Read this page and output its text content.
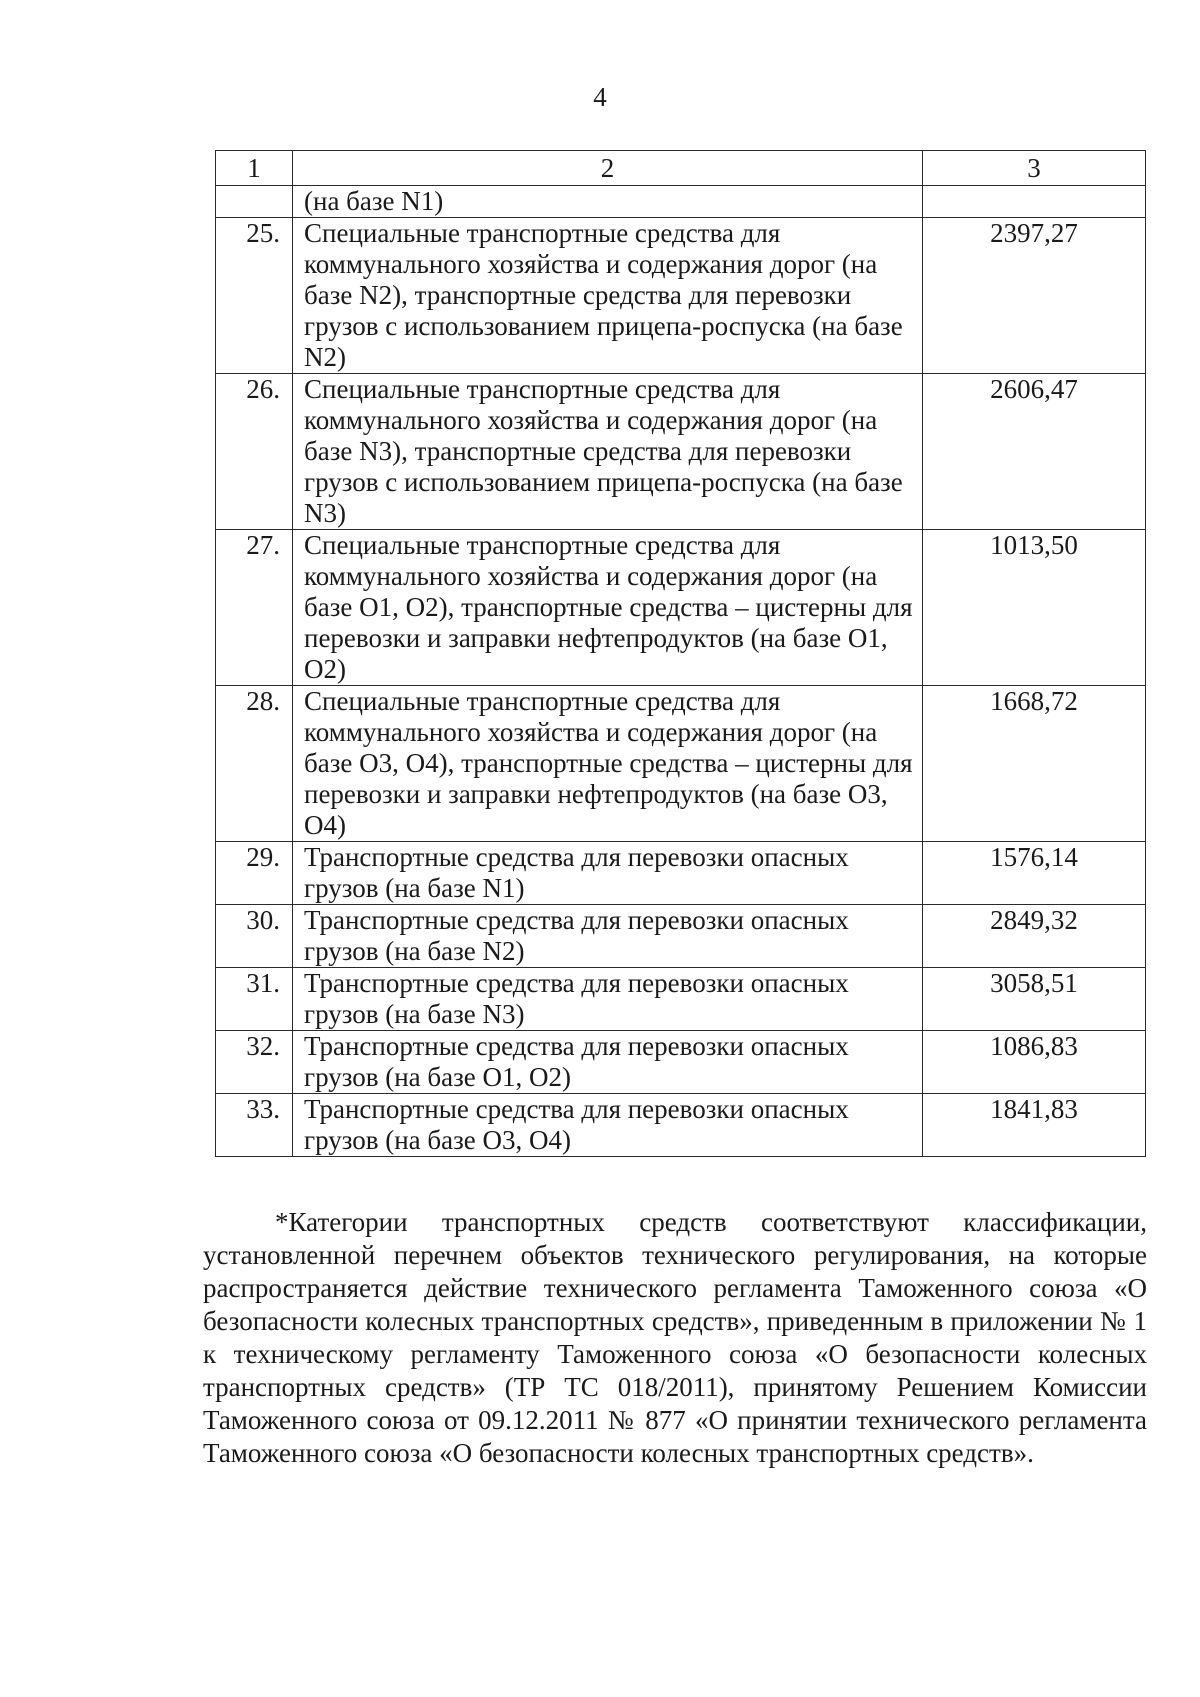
4
1	2	3
	(на базе N1)	
25.	Специальные транспортные средства для коммунального хозяйства и содержания дорог (на базе N2), транспортные средства для перевозки грузов с использованием прицепа-роспуска (на базе N2)	2397,27
26.	Специальные транспортные средства для коммунального хозяйства и содержания дорог (на базе N3), транспортные средства для перевозки грузов с использованием прицепа-роспуска (на базе N3)	2606,47
27.	Специальные транспортные средства для коммунального хозяйства и содержания дорог (на базе О1, О2), транспортные средства – цистерны для перевозки и заправки нефтепродуктов (на базе О1, О2)	1013,50
28.	Специальные транспортные средства для коммунального хозяйства и содержания дорог (на базе О3, О4), транспортные средства – цистерны для перевозки и заправки нефтепродуктов (на базе О3, О4)	1668,72
29.	Транспортные средства для перевозки опасных грузов (на базе N1)	1576,14
30.	Транспортные средства для перевозки опасных грузов (на базе N2)	2849,32
31.	Транспортные средства для перевозки опасных грузов (на базе N3)	3058,51
32.	Транспортные средства для перевозки опасных грузов (на базе О1, О2)	1086,83
33.	Транспортные средства для перевозки опасных грузов (на базе О3, О4)	1841,83

*Категории транспортных средств соответствуют классификации, установленной перечнем объектов технического регулирования, на которые распространяется действие технического регламента Таможенного союза «О безопасности колесных транспортных средств», приведенным в приложении № 1 к техническому регламенту Таможенного союза «О безопасности колесных транспортных средств» (ТР ТС 018/2011), принятому Решением Комиссии Таможенного союза от 09.12.2011 № 877 «О принятии технического регламента Таможенного союза «О безопасности колесных транспортных средств».
